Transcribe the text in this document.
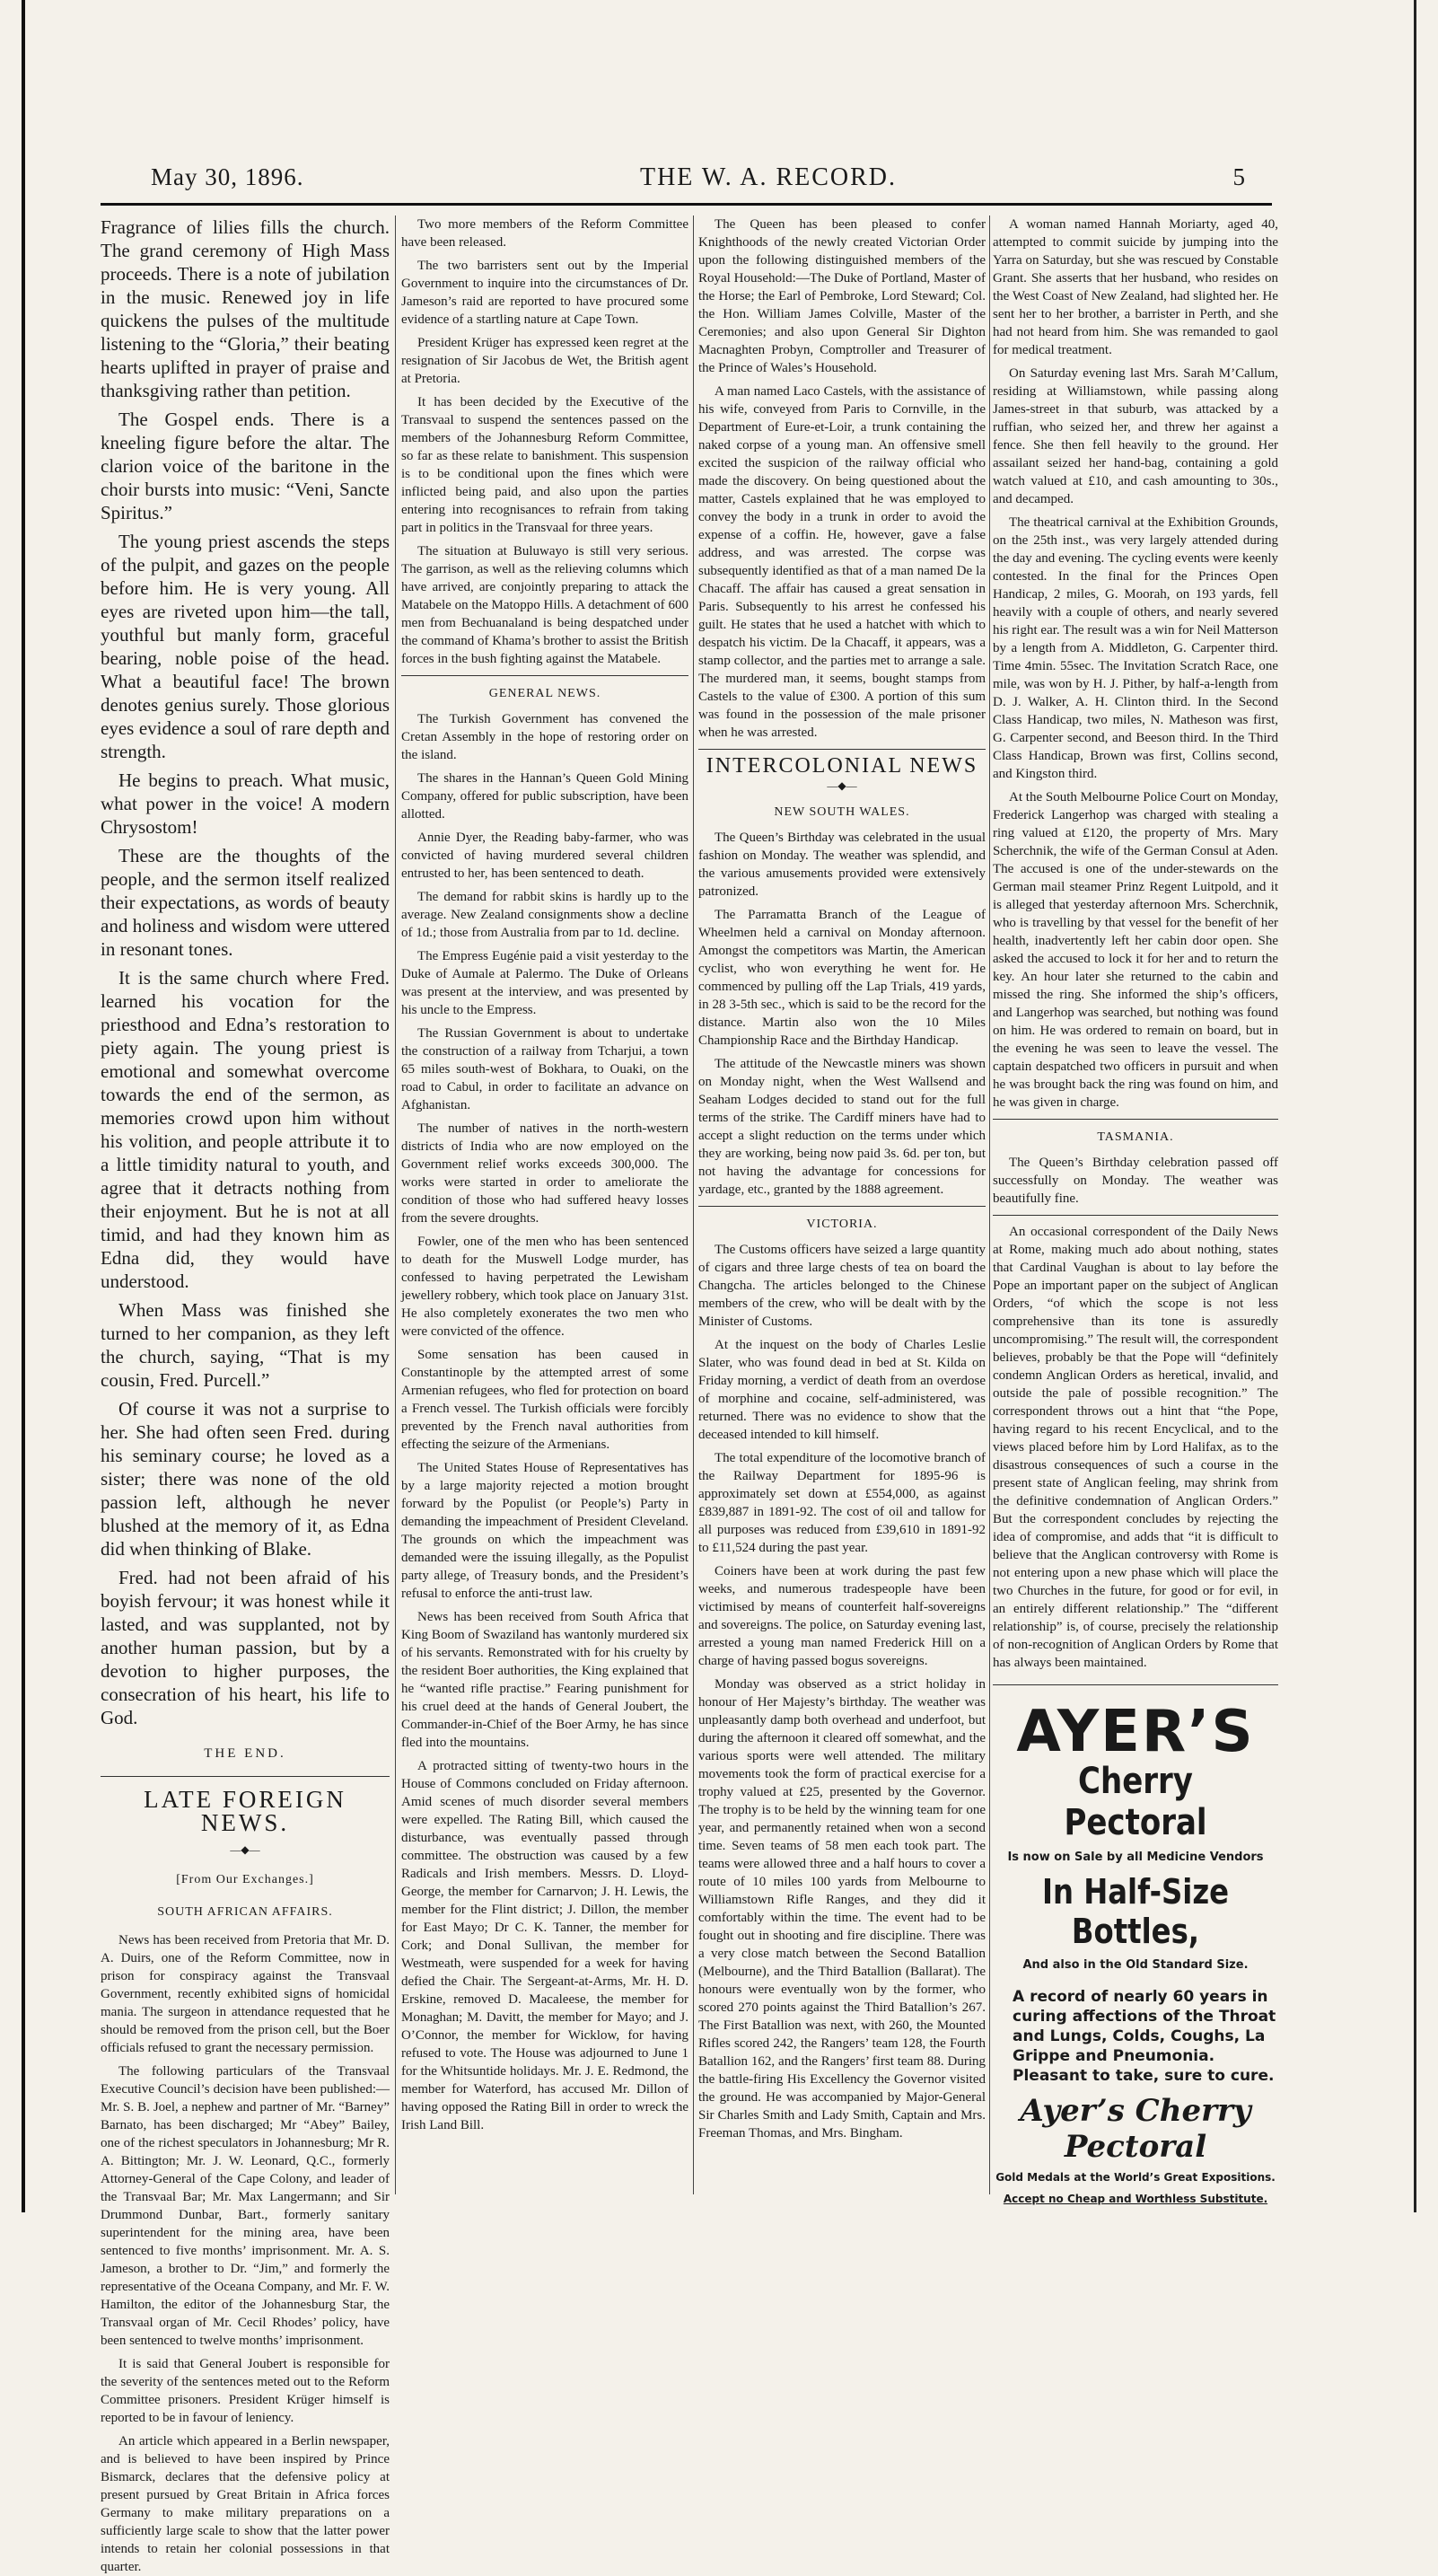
May 30, 1896.	THE W. A. RECORD.	5

Fragrance of lilies fills the church. The grand ceremony of High Mass proceeds. There is a note of jubilation in the music. Renewed joy in life quickens the pulses of the multitude listening to the “Gloria,” their beating hearts uplifted in prayer of praise and thanksgiving rather than petition.

The Gospel ends. There is a kneeling figure before the altar. The clarion voice of the baritone in the choir bursts into music: “Veni, Sancte Spiritus.”

The young priest ascends the steps of the pulpit, and gazes on the people before him. He is very young. All eyes are riveted upon him—the tall, youthful but manly form, graceful bearing, noble poise of the head. What a beautiful face! The brown denotes genius surely. Those glorious eyes evidence a soul of rare depth and strength.

He begins to preach. What music, what power in the voice! A modern Chrysostom!

These are the thoughts of the people, and the sermon itself realized their expectations, as words of beauty and holiness and wisdom were uttered in resonant tones.

It is the same church where Fred. learned his vocation for the priesthood and Edna’s restoration to piety again. The young priest is emotional and somewhat overcome towards the end of the sermon, as memories crowd upon him without his volition, and people attribute it to a little timidity natural to youth, and agree that it detracts nothing from their enjoyment. But he is not at all timid, and had they known him as Edna did, they would have understood.

When Mass was finished she turned to her companion, as they left the church, saying, “That is my cousin, Fred. Purcell.”

Of course it was not a surprise to her. She had often seen Fred. during his seminary course; he loved as a sister; there was none of the old passion left, although he never blushed at the memory of it, as Edna did when thinking of Blake.

Fred. had not been afraid of his boyish fervour; it was honest while it lasted, and was supplanted, not by another human passion, but by a devotion to higher purposes, the consecration of his heart, his life to God.

THE END.
LATE FOREIGN NEWS.
—◆—
[From Our Exchanges.]
SOUTH AFRICAN AFFAIRS.

News has been received from Pretoria that Mr. D. A. Duirs, one of the Reform Committee, now in prison for conspiracy against the Transvaal Government, recently exhibited signs of homicidal mania. The surgeon in attendance requested that he should be removed from the prison cell, but the Boer officials refused to grant the necessary permission.

The following particulars of the Transvaal Executive Council’s decision have been published:—Mr. S. B. Joel, a nephew and partner of Mr. “Barney” Barnato, has been discharged; Mr “Abey” Bailey, one of the richest speculators in Johannesburg; Mr R. A. Bittington; Mr. J. W. Leonard, Q.C., formerly Attorney-General of the Cape Colony, and leader of the Transvaal Bar; Mr. Max Langermann; and Sir Drummond Dunbar, Bart., formerly sanitary superintendent for the mining area, have been sentenced to five months’ imprisonment. Mr. A. S. Jameson, a brother to Dr. “Jim,” and formerly the representative of the Oceana Company, and Mr. F. W. Hamilton, the editor of the Johannesburg Star, the Transvaal organ of Mr. Cecil Rhodes’ policy, have been sentenced to twelve months’ imprisonment.

It is said that General Joubert is responsible for the severity of the sentences meted out to the Reform Committee prisoners. President Krüger himself is reported to be in favour of leniency.

An article which appeared in a Berlin newspaper, and is believed to have been inspired by Prince Bismarck, declares that the defensive policy at present pursued by Great Britain in Africa forces Germany to make military preparations on a sufficiently large scale to show that the latter power intends to retain her colonial possessions in that quarter.

Two more members of the Reform Committee have been released.

The two barristers sent out by the Imperial Government to inquire into the circumstances of Dr. Jameson’s raid are reported to have procured some evidence of a startling nature at Cape Town.

President Krüger has expressed keen regret at the resignation of Sir Jacobus de Wet, the British agent at Pretoria.

It has been decided by the Executive of the Transvaal to suspend the sentences passed on the members of the Johannesburg Reform Committee, so far as these relate to banishment. This suspension is to be conditional upon the fines which were inflicted being paid, and also upon the parties entering into recognisances to refrain from taking part in politics in the Transvaal for three years.

The situation at Buluwayo is still very serious. The garrison, as well as the relieving columns which have arrived, are conjointly preparing to attack the Matabele on the Matoppo Hills. A detachment of 600 men from Bechuanaland is being despatched under the command of Khama’s brother to assist the British forces in the bush fighting against the Matabele.

GENERAL NEWS.

The Turkish Government has convened the Cretan Assembly in the hope of restoring order on the island.

The shares in the Hannan’s Queen Gold Mining Company, offered for public subscription, have been allotted.

Annie Dyer, the Reading baby-farmer, who was convicted of having murdered several children entrusted to her, has been sentenced to death.

The demand for rabbit skins is hardly up to the average. New Zealand consignments show a decline of 1d.; those from Australia from par to 1d. decline.

The Empress Eugénie paid a visit yesterday to the Duke of Aumale at Palermo. The Duke of Orleans was present at the interview, and was presented by his uncle to the Empress.

The Russian Government is about to undertake the construction of a railway from Tcharjui, a town 65 miles south-west of Bokhara, to Ouaki, on the road to Cabul, in order to facilitate an advance on Afghanistan.

The number of natives in the north-western districts of India who are now employed on the Government relief works exceeds 300,000. The works were started in order to ameliorate the condition of those who had suffered heavy losses from the severe droughts.

Fowler, one of the men who has been sentenced to death for the Muswell Lodge murder, has confessed to having perpetrated the Lewisham jewellery robbery, which took place on January 31st. He also completely exonerates the two men who were convicted of the offence.

Some sensation has been caused in Constantinople by the attempted arrest of some Armenian refugees, who fled for protection on board a French vessel. The Turkish officials were forcibly prevented by the French naval authorities from effecting the seizure of the Armenians.

The United States House of Representatives has by a large majority rejected a motion brought forward by the Populist (or People’s) Party in demanding the impeachment of President Cleveland. The grounds on which the impeachment was demanded were the issuing illegally, as the Populist party allege, of Treasury bonds, and the President’s refusal to enforce the anti-trust law.

News has been received from South Africa that King Boom of Swaziland has wantonly murdered six of his servants. Remonstrated with for his cruelty by the resident Boer authorities, the King explained that he “wanted rifle practise.” Fearing punishment for his cruel deed at the hands of General Joubert, the Commander-in-Chief of the Boer Army, he has since fled into the mountains.

A protracted sitting of twenty-two hours in the House of Commons concluded on Friday afternoon. Amid scenes of much disorder several members were expelled. The Rating Bill, which caused the disturbance, was eventually passed through committee. The obstruction was caused by a few Radicals and Irish members. Messrs. D. Lloyd-George, the member for Carnarvon; J. H. Lewis, the member for the Flint district; J. Dillon, the member for East Mayo; Dr C. K. Tanner, the member for Cork; and Donal Sullivan, the member for Westmeath, were suspended for a week for having defied the Chair. The Sergeant-at-Arms, Mr. H. D. Erskine, removed D. Macaleese, the member for Monaghan; M. Davitt, the member for Mayo; and J. O’Connor, the member for Wicklow, for having refused to vote. The House was adjourned to June 1 for the Whitsuntide holidays. Mr. J. E. Redmond, the member for Waterford, has accused Mr. Dillon of having opposed the Rating Bill in order to wreck the Irish Land Bill.

The Queen has been pleased to confer Knighthoods of the newly created Victorian Order upon the following distinguished members of the Royal Household:—The Duke of Portland, Master of the Horse; the Earl of Pembroke, Lord Steward; Col. the Hon. William James Colville, Master of the Ceremonies; and also upon General Sir Dighton Macnaghten Probyn, Comptroller and Treasurer of the Prince of Wales’s Household.

A man named Laco Castels, with the assistance of his wife, conveyed from Paris to Cornville, in the Department of Eure-et-Loir, a trunk containing the naked corpse of a young man. An offensive smell excited the suspicion of the railway official who made the discovery. On being questioned about the matter, Castels explained that he was employed to convey the body in a trunk in order to avoid the expense of a coffin. He, however, gave a false address, and was arrested. The corpse was subsequently identified as that of a man named De la Chacaff. The affair has caused a great sensation in Paris. Subsequently to his arrest he confessed his guilt. He states that he used a hatchet with which to despatch his victim. De la Chacaff, it appears, was a stamp collector, and the parties met to arrange a sale. The murdered man, it seems, bought stamps from Castels to the value of £300. A portion of this sum was found in the possession of the male prisoner when he was arrested.

INTERCOLONIAL NEWS
—◆—
NEW SOUTH WALES.

The Queen’s Birthday was celebrated in the usual fashion on Monday. The weather was splendid, and the various amusements provided were extensively patronized.

The Parramatta Branch of the League of Wheelmen held a carnival on Monday afternoon. Amongst the competitors was Martin, the American cyclist, who won everything he went for. He commenced by pulling off the Lap Trials, 419 yards, in 28 3-5th sec., which is said to be the record for the distance. Martin also won the 10 Miles Championship Race and the Birthday Handicap.

The attitude of the Newcastle miners was shown on Monday night, when the West Wallsend and Seaham Lodges decided to stand out for the full terms of the strike. The Cardiff miners have had to accept a slight reduction on the terms under which they are working, being now paid 3s. 6d. per ton, but not having the advantage for concessions for yardage, etc., granted by the 1888 agreement.

VICTORIA.

The Customs officers have seized a large quantity of cigars and three large chests of tea on board the Changcha. The articles belonged to the Chinese members of the crew, who will be dealt with by the Minister of Customs.

At the inquest on the body of Charles Leslie Slater, who was found dead in bed at St. Kilda on Friday morning, a verdict of death from an overdose of morphine and cocaine, self-administered, was returned. There was no evidence to show that the deceased intended to kill himself.

The total expenditure of the locomotive branch of the Railway Department for 1895-96 is approximately set down at £554,000, as against £839,887 in 1891-92. The cost of oil and tallow for all purposes was reduced from £39,610 in 1891-92 to £11,524 during the past year.

Coiners have been at work during the past few weeks, and numerous tradespeople have been victimised by means of counterfeit half-sovereigns and sovereigns. The police, on Saturday evening last, arrested a young man named Frederick Hill on a charge of having passed bogus sovereigns.

Monday was observed as a strict holiday in honour of Her Majesty’s birthday. The weather was unpleasantly damp both overhead and underfoot, but during the afternoon it cleared off somewhat, and the various sports were well attended. The military movements took the form of practical exercise for a trophy valued at £25, presented by the Governor. The trophy is to be held by the winning team for one year, and permanently retained when won a second time. Seven teams of 58 men each took part. The teams were allowed three and a half hours to cover a route of 10 miles 100 yards from Melbourne to Williamstown Rifle Ranges, and they did it comfortably within the time. The event had to be fought out in shooting and fire discipline. There was a very close match between the Second Batallion (Melbourne), and the Third Batallion (Ballarat). The honours were eventually won by the former, who scored 270 points against the Third Batallion’s 267. The First Batallion was next, with 260, the Mounted Rifles scored 242, the Rangers’ team 128, the Fourth Batallion 162, and the Rangers’ first team 88. During the battle-firing His Excellency the Governor visited the ground. He was accompanied by Major-General Sir Charles Smith and Lady Smith, Captain and Mrs. Freeman Thomas, and Mrs. Bingham.

A woman named Hannah Moriarty, aged 40, attempted to commit suicide by jumping into the Yarra on Saturday, but she was rescued by Constable Grant. She asserts that her husband, who resides on the West Coast of New Zealand, had slighted her. He sent her to her brother, a barrister in Perth, and she had not heard from him. She was remanded to gaol for medical treatment.

On Saturday evening last Mrs. Sarah M’Callum, residing at Williamstown, while passing along James-street in that suburb, was attacked by a ruffian, who seized her, and threw her against a fence. She then fell heavily to the ground. Her assailant seized her hand-bag, containing a gold watch valued at £10, and cash amounting to 30s., and decamped.

The theatrical carnival at the Exhibition Grounds, on the 25th inst., was very largely attended during the day and evening. The cycling events were keenly contested. In the final for the Princes Open Handicap, 2 miles, G. Moorah, on 193 yards, fell heavily with a couple of others, and nearly severed his right ear. The result was a win for Neil Matterson by a length from A. Middleton, G. Carpenter third. Time 4min. 55sec. The Invitation Scratch Race, one mile, was won by H. J. Pither, by half-a-length from D. J. Walker, A. H. Clinton third. In the Second Class Handicap, two miles, N. Matheson was first, G. Carpenter second, and Beeson third. In the Third Class Handicap, Brown was first, Collins second, and Kingston third.

At the South Melbourne Police Court on Monday, Frederick Langerhop was charged with stealing a ring valued at £120, the property of Mrs. Mary Scherchnik, the wife of the German Consul at Aden. The accused is one of the under-stewards on the German mail steamer Prinz Regent Luitpold, and it is alleged that yesterday afternoon Mrs. Scherchnik, who is travelling by that vessel for the benefit of her health, inadvertently left her cabin door open. She asked the accused to lock it for her and to return the key. An hour later she returned to the cabin and missed the ring. She informed the ship’s officers, and Langerhop was searched, but nothing was found on him. He was ordered to remain on board, but in the evening he was seen to leave the vessel. The captain despatched two officers in pursuit and when he was brought back the ring was found on him, and he was given in charge.

TASMANIA.

The Queen’s Birthday celebration passed off successfully on Monday. The weather was beautifully fine.

An occasional correspondent of the Daily News at Rome, making much ado about nothing, states that Cardinal Vaughan is about to lay before the Pope an important paper on the subject of Anglican Orders, “of which the scope is not less comprehensive than its tone is assuredly uncompromising.” The result will, the correspondent believes, probably be that the Pope will “definitely condemn Anglican Orders as heretical, invalid, and outside the pale of possible recognition.” The correspondent throws out a hint that “the Pope, having regard to his recent Encyclical, and to the views placed before him by Lord Halifax, as to the disastrous consequences of such a course in the present state of Anglican feeling, may shrink from the definitive condemnation of Anglican Orders.” But the correspondent concludes by rejecting the idea of compromise, and adds that “it is difficult to believe that the Anglican controversy with Rome is not entering upon a new phase which will place the two Churches in the future, for good or for evil, in an entirely different relationship.” The “different relationship” is, of course, precisely the relationship of non-recognition of Anglican Orders by Rome that has always been maintained.

AYER’S
Cherry Pectoral
Is now on Sale by all Medicine Vendors
In Half-Size Bottles,
And also in the Old Standard Size.
A record of nearly 60 years in curing affections of the Throat and Lungs, Colds, Coughs, La Grippe and Pneumonia. Pleasant to take, sure to cure.
Ayer’s Cherry Pectoral
Gold Medals at the World’s Great Expositions.
Accept no Cheap and Worthless Substitute.
